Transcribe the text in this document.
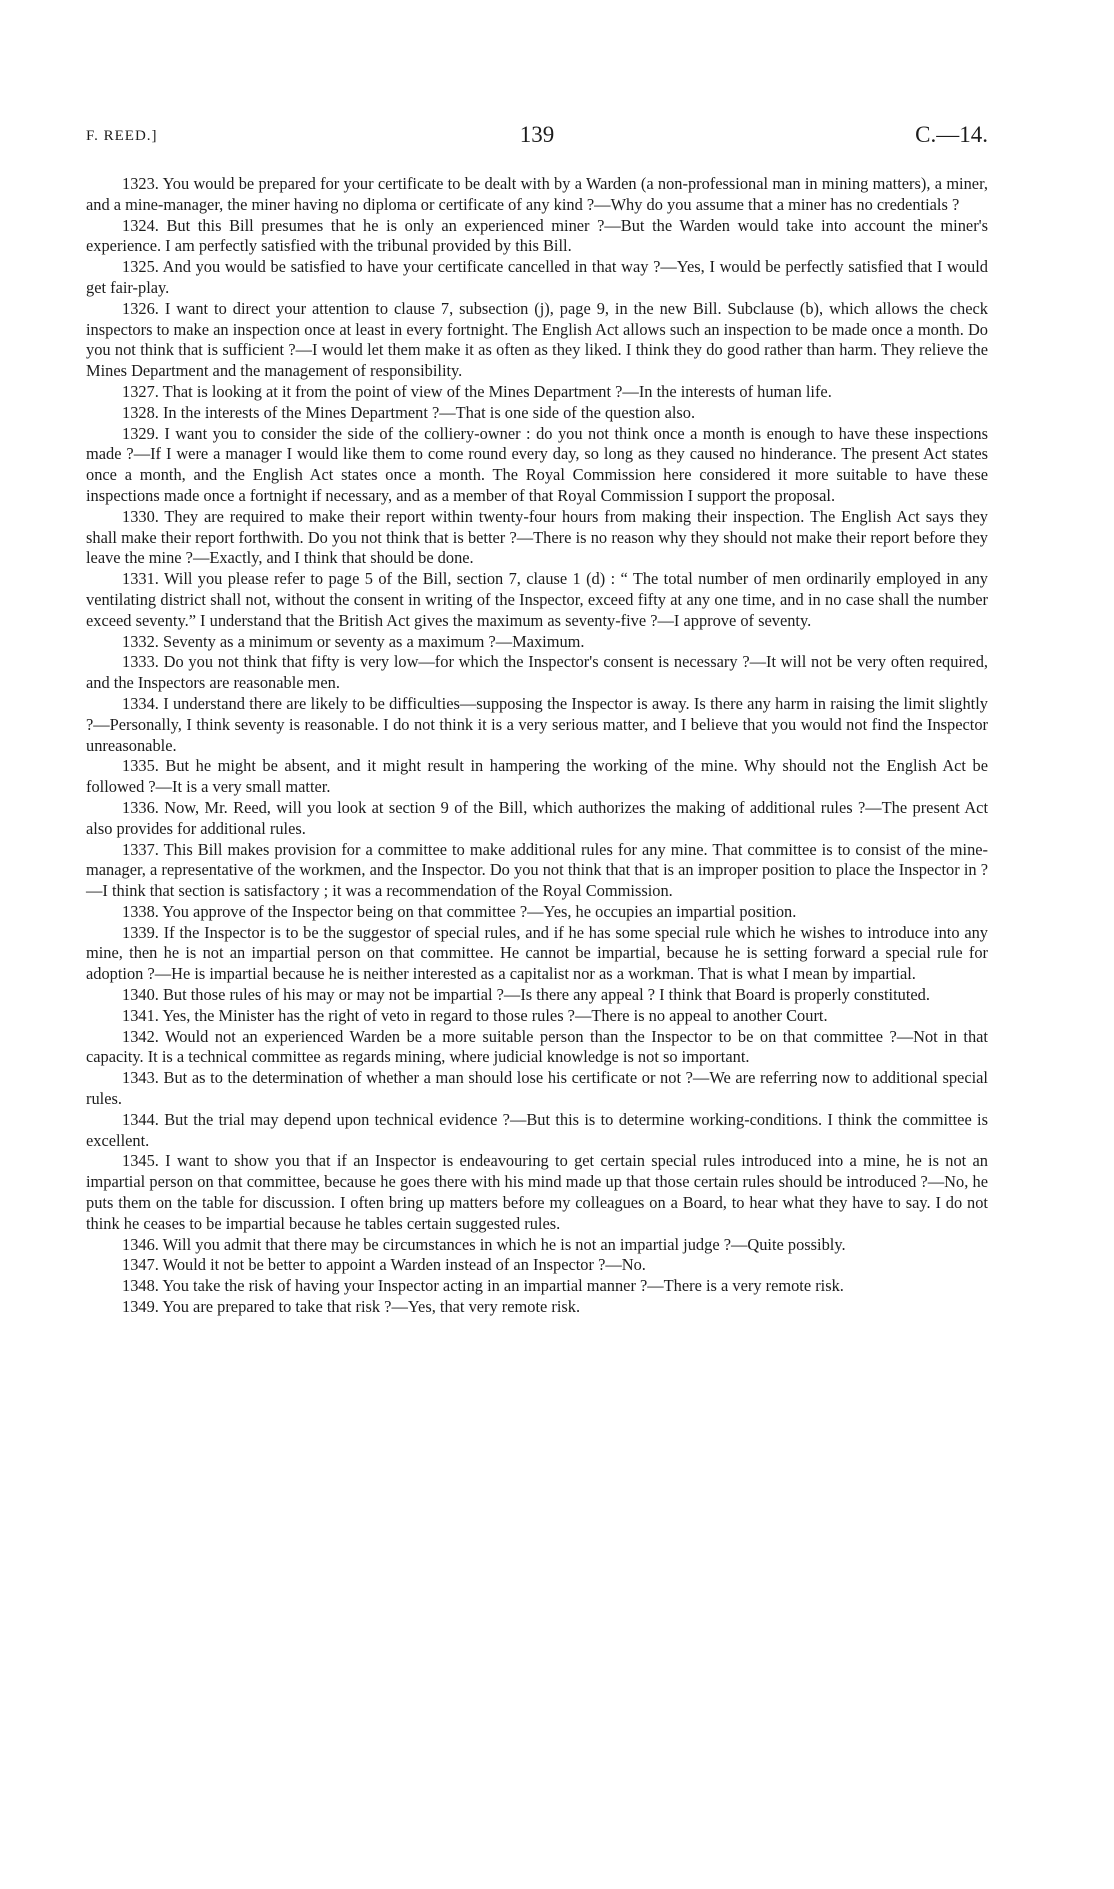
F. REED.]	139	C.—14.

1323. You would be prepared for your certificate to be dealt with by a Warden (a non-professional man in mining matters), a miner, and a mine-manager, the miner having no diploma or certificate of any kind ?—Why do you assume that a miner has no credentials ?

1324. But this Bill presumes that he is only an experienced miner ?—But the Warden would take into account the miner's experience. I am perfectly satisfied with the tribunal provided by this Bill.

1325. And you would be satisfied to have your certificate cancelled in that way ?—Yes, I would be perfectly satisfied that I would get fair-play.

1326. I want to direct your attention to clause 7, subsection (j), page 9, in the new Bill. Subclause (b), which allows the check inspectors to make an inspection once at least in every fortnight. The English Act allows such an inspection to be made once a month. Do you not think that is sufficient ?—I would let them make it as often as they liked. I think they do good rather than harm. They relieve the Mines Department and the management of responsibility.

1327. That is looking at it from the point of view of the Mines Department ?—In the interests of human life.

1328. In the interests of the Mines Department ?—That is one side of the question also.

1329. I want you to consider the side of the colliery-owner : do you not think once a month is enough to have these inspections made ?—If I were a manager I would like them to come round every day, so long as they caused no hinderance. The present Act states once a month, and the English Act states once a month. The Royal Commission here considered it more suitable to have these inspections made once a fortnight if necessary, and as a member of that Royal Commission I support the proposal.

1330. They are required to make their report within twenty-four hours from making their inspection. The English Act says they shall make their report forthwith. Do you not think that is better ?—There is no reason why they should not make their report before they leave the mine ?—Exactly, and I think that should be done.

1331. Will you please refer to page 5 of the Bill, section 7, clause 1 (d) : “ The total number of men ordinarily employed in any ventilating district shall not, without the consent in writing of the Inspector, exceed fifty at any one time, and in no case shall the number exceed seventy.” I understand that the British Act gives the maximum as seventy-five ?—I approve of seventy.

1332. Seventy as a minimum or seventy as a maximum ?—Maximum.

1333. Do you not think that fifty is very low—for which the Inspector's consent is necessary ?—It will not be very often required, and the Inspectors are reasonable men.

1334. I understand there are likely to be difficulties—supposing the Inspector is away. Is there any harm in raising the limit slightly ?—Personally, I think seventy is reasonable. I do not think it is a very serious matter, and I believe that you would not find the Inspector unreasonable.

1335. But he might be absent, and it might result in hampering the working of the mine. Why should not the English Act be followed ?—It is a very small matter.

1336. Now, Mr. Reed, will you look at section 9 of the Bill, which authorizes the making of additional rules ?—The present Act also provides for additional rules.

1337. This Bill makes provision for a committee to make additional rules for any mine. That committee is to consist of the mine-manager, a representative of the workmen, and the Inspector. Do you not think that that is an improper position to place the Inspector in ?—I think that section is satisfactory ; it was a recommendation of the Royal Commission.

1338. You approve of the Inspector being on that committee ?—Yes, he occupies an impartial position.

1339. If the Inspector is to be the suggestor of special rules, and if he has some special rule which he wishes to introduce into any mine, then he is not an impartial person on that committee. He cannot be impartial, because he is setting forward a special rule for adoption ?—He is impartial because he is neither interested as a capitalist nor as a workman. That is what I mean by impartial.

1340. But those rules of his may or may not be impartial ?—Is there any appeal ? I think that Board is properly constituted.

1341. Yes, the Minister has the right of veto in regard to those rules ?—There is no appeal to another Court.

1342. Would not an experienced Warden be a more suitable person than the Inspector to be on that committee ?—Not in that capacity. It is a technical committee as regards mining, where judicial knowledge is not so important.

1343. But as to the determination of whether a man should lose his certificate or not ?—We are referring now to additional special rules.

1344. But the trial may depend upon technical evidence ?—But this is to determine working-conditions. I think the committee is excellent.

1345. I want to show you that if an Inspector is endeavouring to get certain special rules introduced into a mine, he is not an impartial person on that committee, because he goes there with his mind made up that those certain rules should be introduced ?—No, he puts them on the table for discussion. I often bring up matters before my colleagues on a Board, to hear what they have to say. I do not think he ceases to be impartial because he tables certain suggested rules.

1346. Will you admit that there may be circumstances in which he is not an impartial judge ?—Quite possibly.

1347. Would it not be better to appoint a Warden instead of an Inspector ?—No.

1348. You take the risk of having your Inspector acting in an impartial manner ?—There is a very remote risk.

1349. You are prepared to take that risk ?—Yes, that very remote risk.
